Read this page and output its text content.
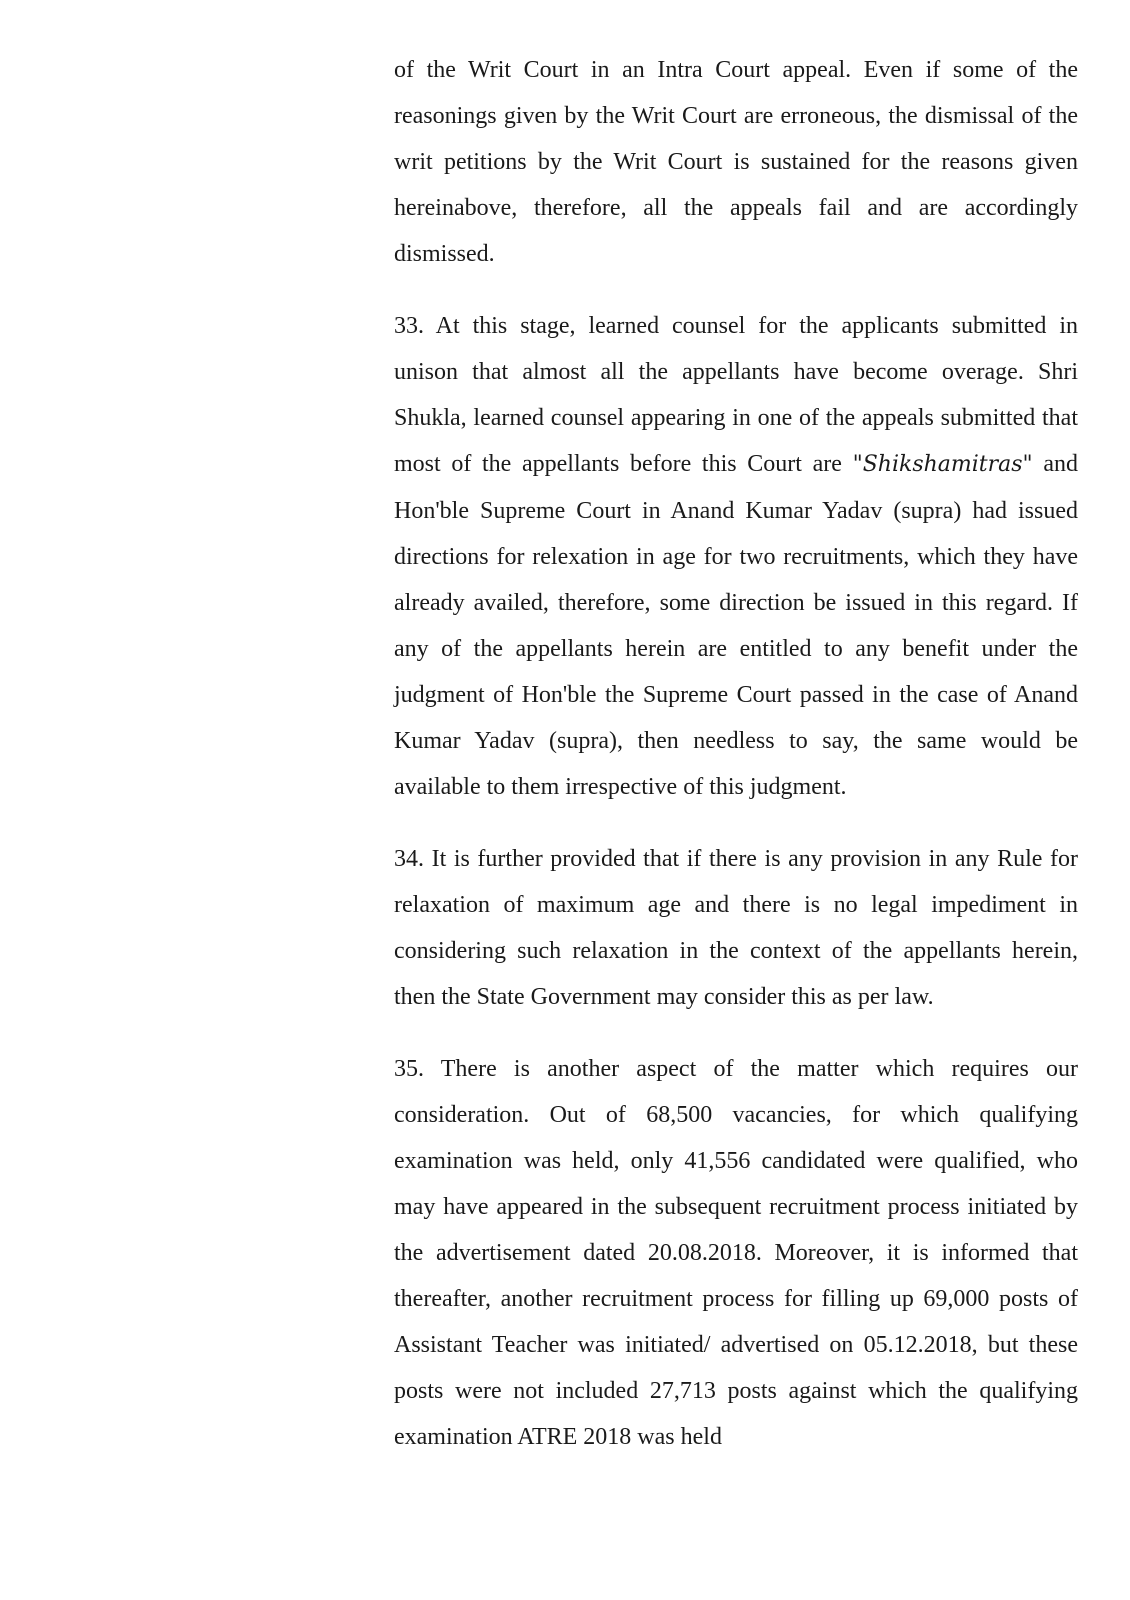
of the Writ Court in an Intra Court appeal. Even if some of the reasonings given by the Writ Court are erroneous, the dismissal of the writ petitions by the Writ Court is sustained for the reasons given hereinabove, therefore, all the appeals fail and are accordingly dismissed.

33. At this stage, learned counsel for the applicants submitted in unison that almost all the appellants have become overage. Shri Shukla, learned counsel appearing in one of the appeals submitted that most of the appellants before this Court are "Shikshamitras" and Hon'ble Supreme Court in Anand Kumar Yadav (supra) had issued directions for relexation in age for two recruitments, which they have already availed, therefore, some direction be issued in this regard. If any of the appellants herein are entitled to any benefit under the judgment of Hon'ble the Supreme Court passed in the case of Anand Kumar Yadav (supra), then needless to say, the same would be available to them irrespective of this judgment.

34. It is further provided that if there is any provision in any Rule for relaxation of maximum age and there is no legal impediment in considering such relaxation in the context of the appellants herein, then the State Government may consider this as per law.

35. There is another aspect of the matter which requires our consideration. Out of 68,500 vacancies, for which qualifying examination was held, only 41,556 candidated were qualified, who may have appeared in the subsequent recruitment process initiated by the advertisement dated 20.08.2018. Moreover, it is informed that thereafter, another recruitment process for filling up 69,000 posts of Assistant Teacher was initiated/ advertised on 05.12.2018, but these posts were not included 27,713 posts against which the qualifying examination ATRE 2018 was held
